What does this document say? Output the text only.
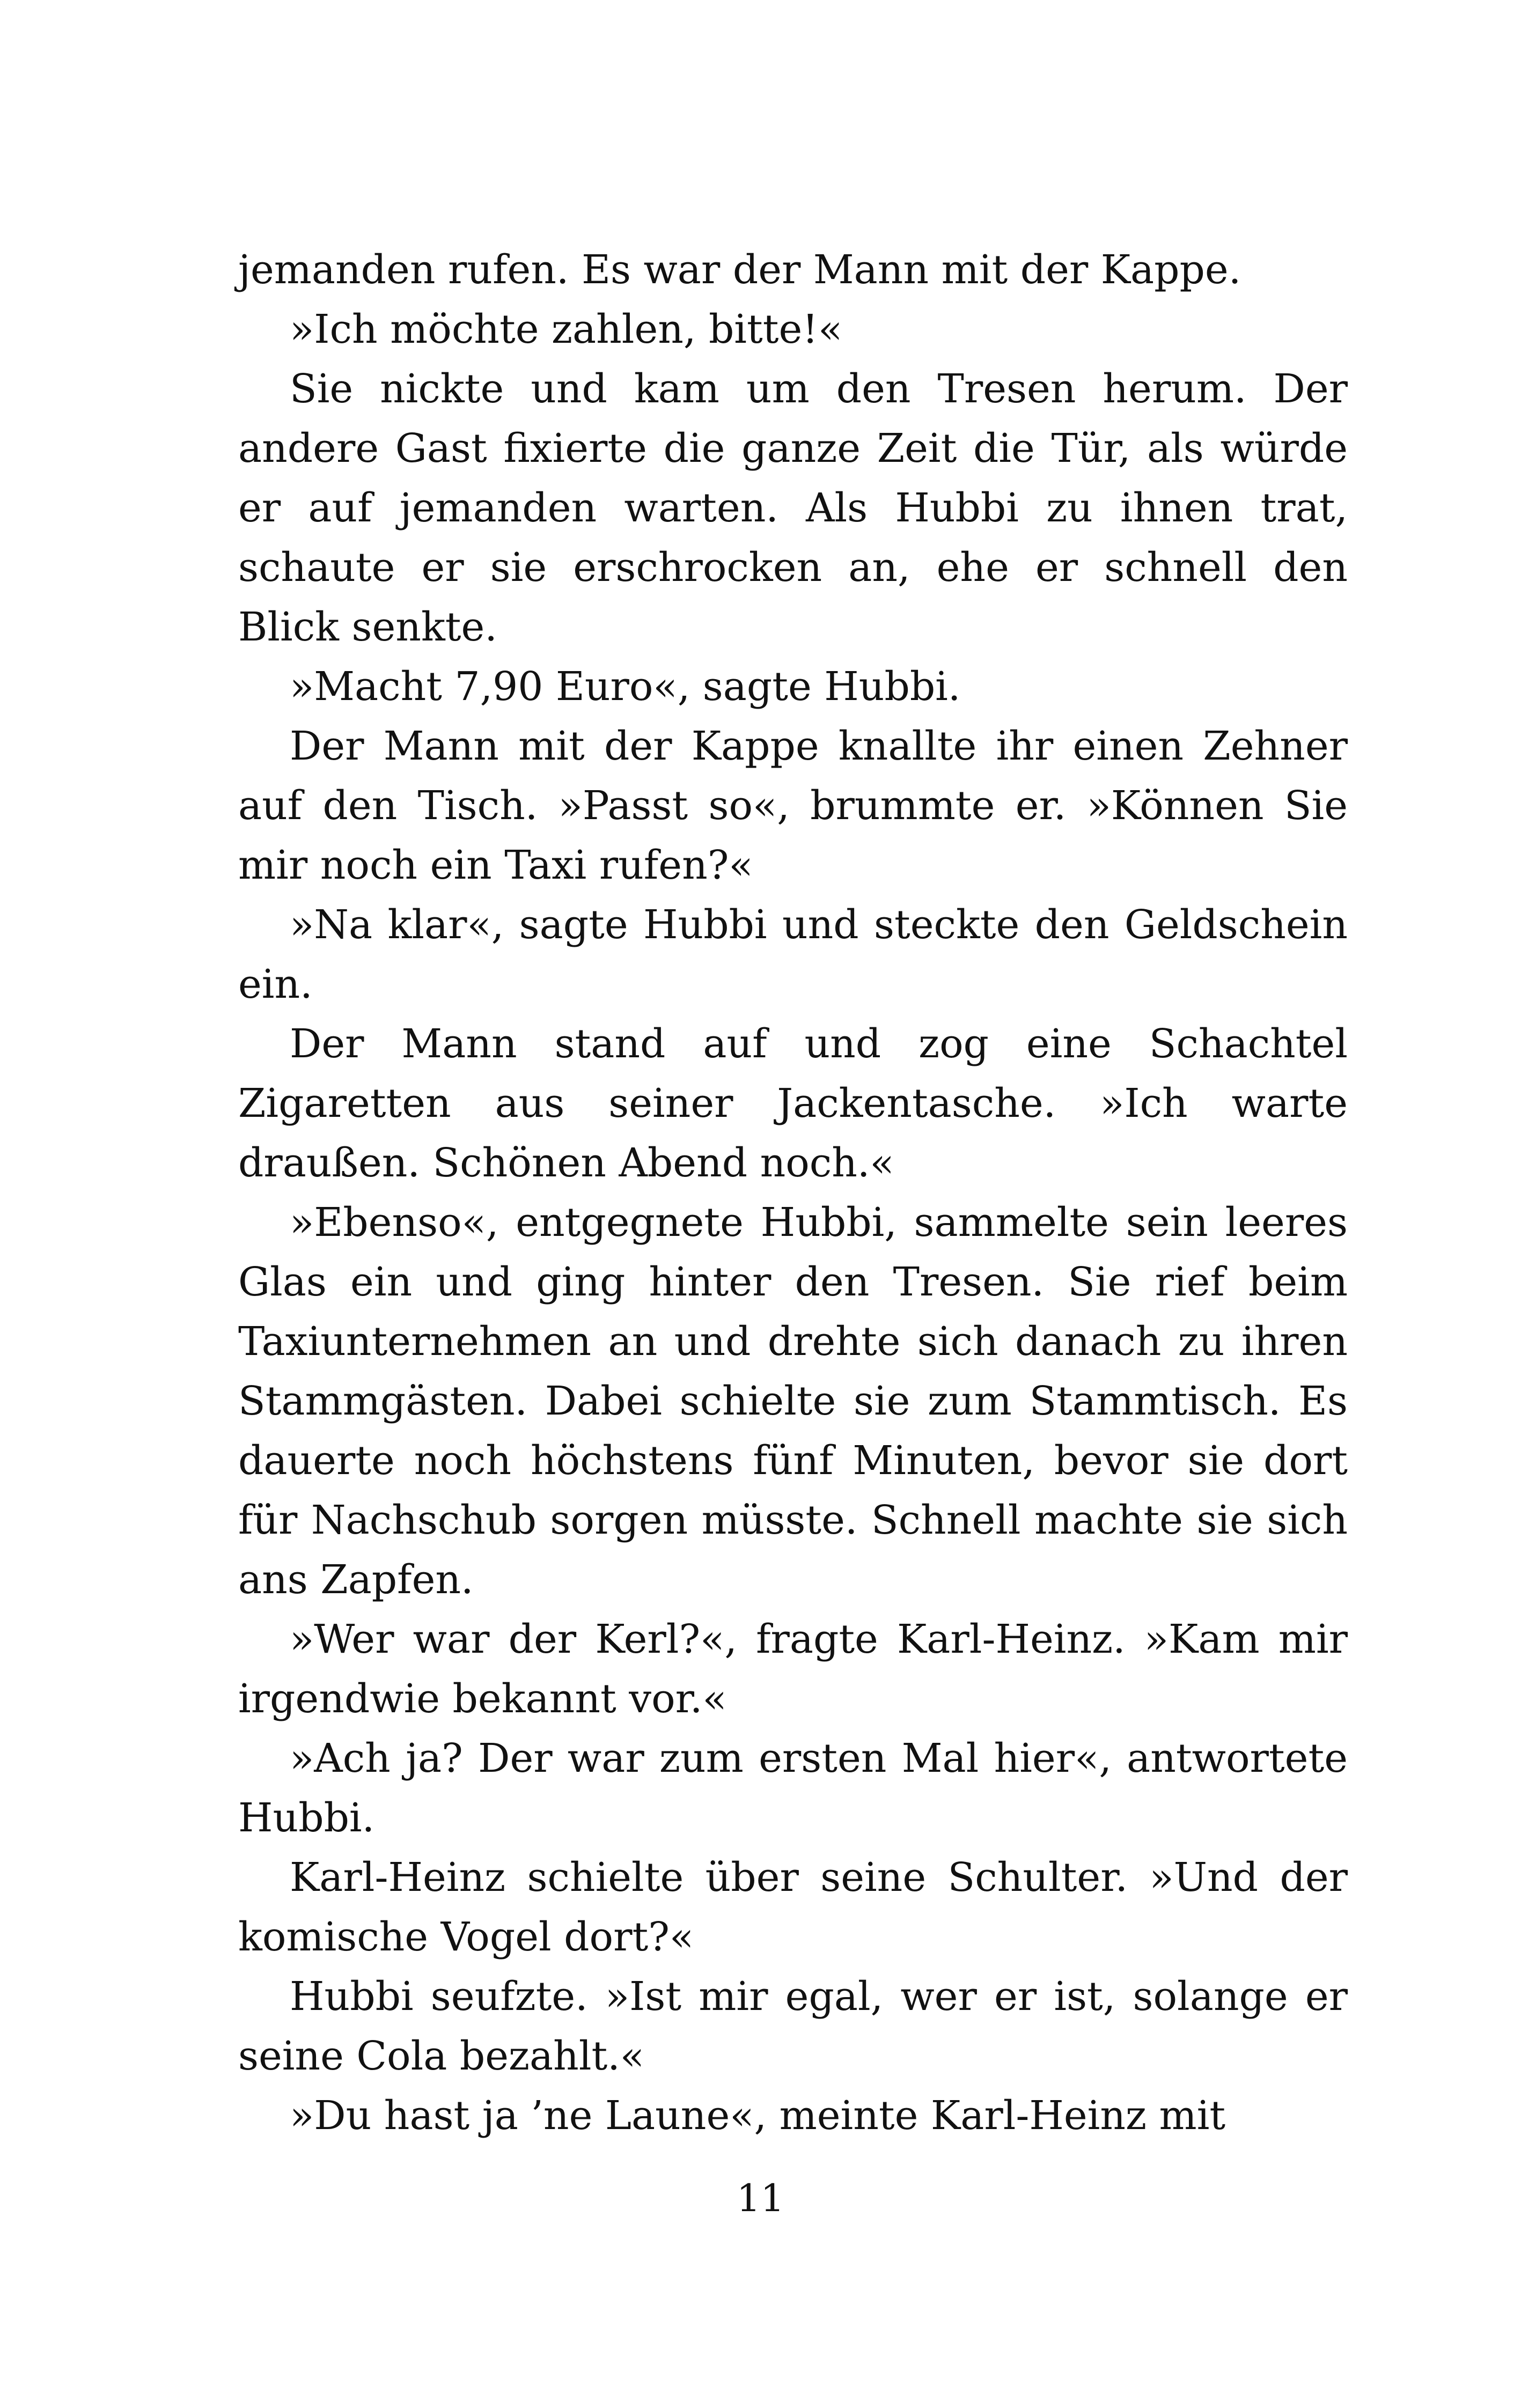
jemanden rufen. Es war der Mann mit der Kappe.

»Ich möchte zahlen, bitte!«

Sie nickte und kam um den Tresen herum. Der andere Gast fixierte die ganze Zeit die Tür, als würde er auf jemanden warten. Als Hubbi zu ihnen trat, schaute er sie erschrocken an, ehe er schnell den Blick senkte.

»Macht 7,90 Euro«, sagte Hubbi.

Der Mann mit der Kappe knallte ihr einen Zehner auf den Tisch. »Passt so«, brummte er. »Können Sie mir noch ein Taxi rufen?«

»Na klar«, sagte Hubbi und steckte den Geldschein ein.

Der Mann stand auf und zog eine Schachtel Zigaretten aus seiner Jackentasche. »Ich warte draußen. Schönen Abend noch.«

»Ebenso«, entgegnete Hubbi, sammelte sein leeres Glas ein und ging hinter den Tresen. Sie rief beim Taxiunternehmen an und drehte sich danach zu ihren Stammgästen. Dabei schielte sie zum Stammtisch. Es dauerte noch höchstens fünf Minuten, bevor sie dort für Nachschub sorgen müsste. Schnell machte sie sich ans Zapfen.

»Wer war der Kerl?«, fragte Karl-Heinz. »Kam mir irgendwie bekannt vor.«

»Ach ja? Der war zum ersten Mal hier«, antwortete Hubbi.

Karl-Heinz schielte über seine Schulter. »Und der komische Vogel dort?«

Hubbi seufzte. »Ist mir egal, wer er ist, solange er seine Cola bezahlt.«

»Du hast ja ’ne Laune«, meinte Karl-Heinz mit

11
